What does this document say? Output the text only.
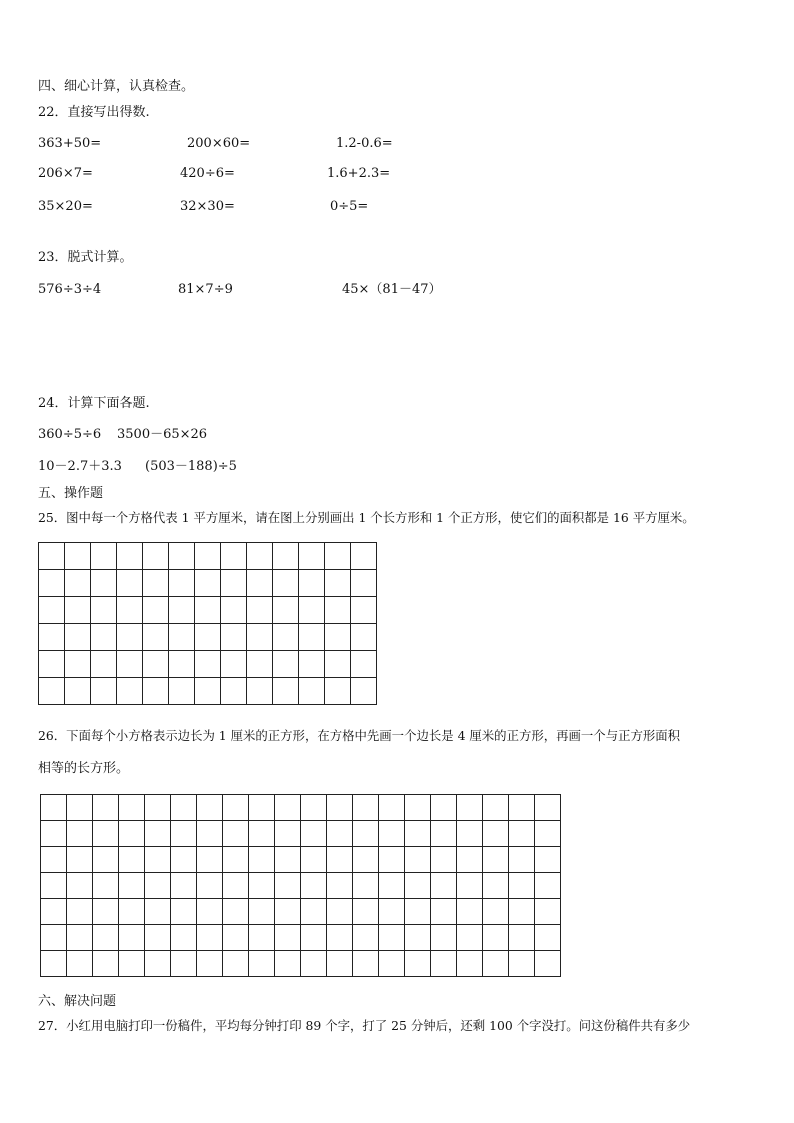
四、细心计算，认真检查。
22．直接写出得数.
363+50=	200×60=	1.2-0.6=
206×7=	420÷6=	1.6+2.3=
35×20=	32×30=	0÷5=
23．脱式计算。
576÷3÷4	81×7÷9	45×（81－47）
24．计算下面各题.
360÷5÷6 3500－65×26
10－2.7＋3.3 (503－188)÷5
五、操作题
25．图中每一个方格代表 1 平方厘米，请在图上分别画出 1 个长方形和 1 个正方形，使它们的面积都是 16 平方厘米。

26．下面每个小方格表示边长为 1 厘米的正方形，在方格中先画一个边长是 4 厘米的正方形，再画一个与正方形面积
相等的长方形。

六、解决问题
27．小红用电脑打印一份稿件，平均每分钟打印 89 个字，打了 25 分钟后，还剩 100 个字没打。问这份稿件共有多少
